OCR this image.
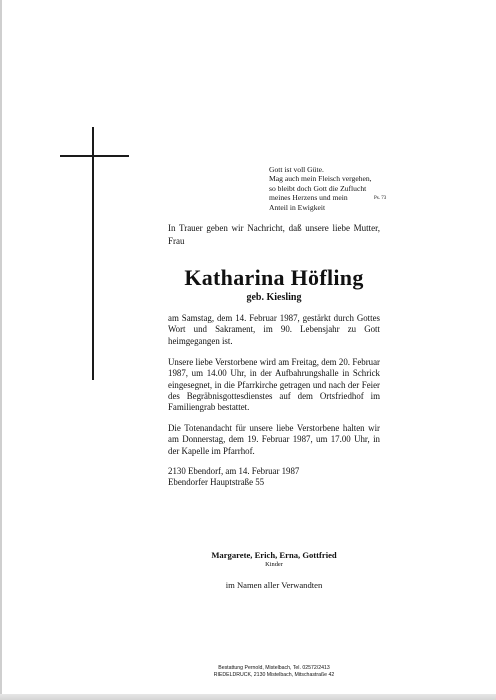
Gott ist voll Güte.
Mag auch mein Fleisch vergehen,
so bleibt doch Gott die Zuflucht
meines Herzens und mein
Anteil in Ewigkeit
Ps. 73
In Trauer geben wir Nachricht, daß unsere liebe Mutter, Frau
Katharina Höfling
geb. Kiesling
am Samstag, dem 14. Februar 1987, gestärkt durch Gottes Wort und Sakrament, im 90. Lebensjahr zu Gott heimgegangen ist.
Unsere liebe Verstorbene wird am Freitag, dem 20. Februar 1987, um 14.00 Uhr, in der Aufbahrungshalle in Schrick eingesegnet, in die Pfarrkirche getragen und nach der Feier des Begräbnisgottesdienstes auf dem Ortsfriedhof im Familiengrab bestattet.
Die Totenandacht für unsere liebe Verstorbene halten wir am Donnerstag, dem 19. Februar 1987, um 17.00 Uhr, in der Kapelle im Pfarrhof.
2130 Ebendorf, am 14. Februar 1987
Ebendorfer Hauptstraße 55
Margarete, Erich, Erna, Gottfried
Kinder
im Namen aller Verwandten
Bestattung Pernold, Mistelbach, Tel. 02572/2413
RIEDELDRUCK, 2130 Mistelbach, Mitschastraße 42
